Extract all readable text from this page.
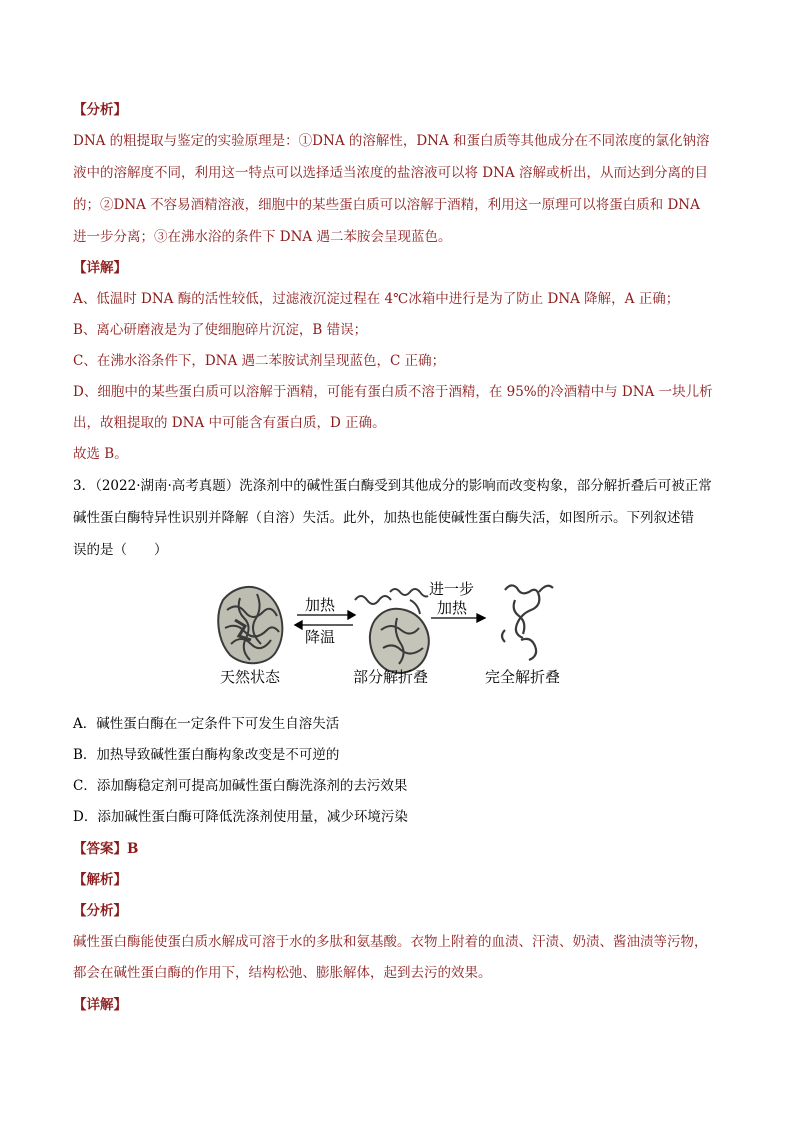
【分析】
DNA 的粗提取与鉴定的实验原理是：①DNA 的溶解性，DNA 和蛋白质等其他成分在不同浓度的氯化钠溶
液中的溶解度不同，利用这一特点可以选择适当浓度的盐溶液可以将 DNA 溶解或析出，从而达到分离的目
的；②DNA 不容易酒精溶液，细胞中的某些蛋白质可以溶解于酒精，利用这一原理可以将蛋白质和 DNA
进一步分离；③在沸水浴的条件下 DNA 遇二苯胺会呈现蓝色。
【详解】
A、低温时 DNA 酶的活性较低，过滤液沉淀过程在 4℃冰箱中进行是为了防止 DNA 降解，A 正确；
B、离心研磨液是为了使细胞碎片沉淀，B 错误；
C、在沸水浴条件下，DNA 遇二苯胺试剂呈现蓝色，C 正确；
D、细胞中的某些蛋白质可以溶解于酒精，可能有蛋白质不溶于酒精，在 95%的冷酒精中与 DNA 一块儿析
出，故粗提取的 DNA 中可能含有蛋白质，D 正确。
故选 B。
3．（2022·湖南·高考真题）洗涤剂中的碱性蛋白酶受到其他成分的影响而改变构象，部分解折叠后可被正常
碱性蛋白酶特异性识别并降解（自溶）失活。此外，加热也能使碱性蛋白酶失活，如图所示。下列叙述错
误的是（　　）
加热
降温
进一步
加热
天然状态	部分解折叠	完全解折叠
A．碱性蛋白酶在一定条件下可发生自溶失活
B．加热导致碱性蛋白酶构象改变是不可逆的
C．添加酶稳定剂可提高加碱性蛋白酶洗涤剂的去污效果
D．添加碱性蛋白酶可降低洗涤剂使用量，减少环境污染
【答案】B
【解析】
【分析】
碱性蛋白酶能使蛋白质水解成可溶于水的多肽和氨基酸。衣物上附着的血渍、汗渍、奶渍、酱油渍等污物，
都会在碱性蛋白酶的作用下，结构松弛、膨胀解体，起到去污的效果。
【详解】
